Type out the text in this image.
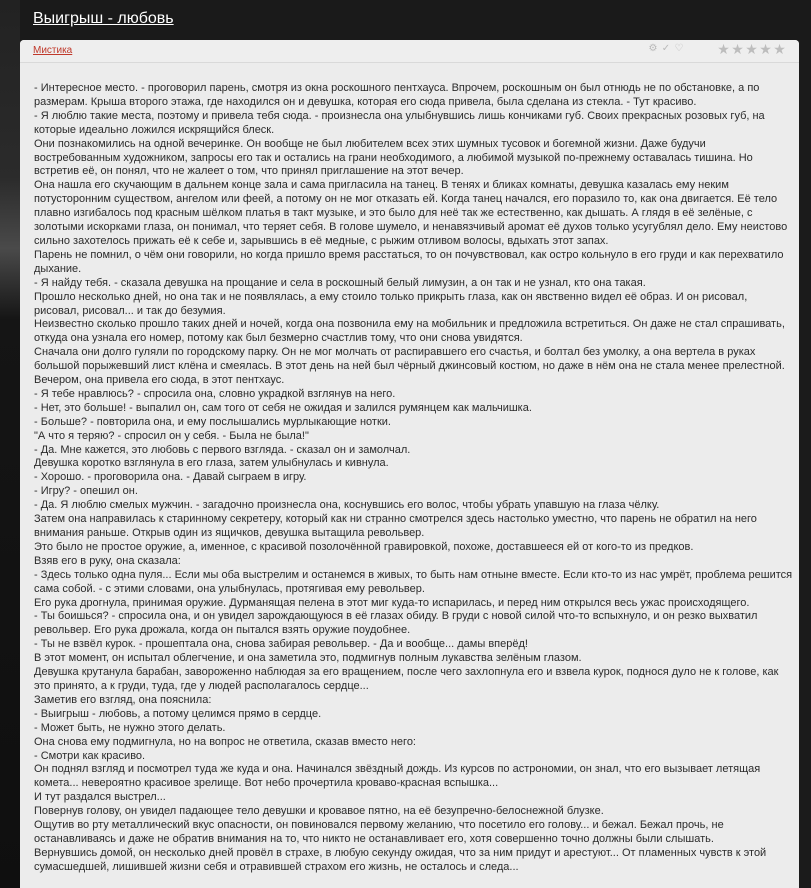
Выигрыш - любовь
Мистика	⚙ ✓ ♡ ★ ★ ★ ★ ★

- Интересное место. - проговорил парень, смотря из окна роскошного пентхауса. Впрочем, роскошным он был отнюдь не по обстановке, а по размерам. Крыша второго этажа, где находился он и девушка, которая его сюда привела, была сделана из стекла. - Тут красиво.

- Я люблю такие места, поэтому и привела тебя сюда. - произнесла она улыбнувшись лишь кончиками губ. Своих прекрасных розовых губ, на которые идеально ложился искрящийся блеск.

Они познакомились на одной вечеринке. Он вообще не был любителем всех этих шумных тусовок и богемной жизни. Даже будучи востребованным художником, запросы его так и остались на грани необходимого, а любимой музыкой по-прежнему оставалась тишина. Но встретив её, он понял, что не жалеет о том, что принял приглашение на этот вечер.

Она нашла его скучающим в дальнем конце зала и сама пригласила на танец. В тенях и бликах комнаты, девушка казалась ему неким потусторонним существом, ангелом или феей, а потому он не мог отказать ей. Когда танец начался, его поразило то, как она двигается. Её тело плавно изгибалось под красным шёлком платья в такт музыке, и это было для неё так же естественно, как дышать. А глядя в её зелёные, с золотыми искорками глаза, он понимал, что теряет себя. В голове шумело, и ненавязчивый аромат её духов только усугублял дело. Ему неистово сильно захотелось прижать её к себе и, зарывшись в её медные, с рыжим отливом волосы, вдыхать этот запах.

Парень не помнил, о чём они говорили, но когда пришло время расстаться, то он почувствовал, как остро кольнуло в его груди и как перехватило дыхание.

- Я найду тебя. - сказала девушка на прощание и села в роскошный белый лимузин, а он так и не узнал, кто она такая.

Прошло несколько дней, но она так и не появлялась, а ему стоило только прикрыть глаза, как он явственно видел её образ. И он рисовал, рисовал, рисовал... и так до безумия.

Неизвестно сколько прошло таких дней и ночей, когда она позвонила ему на мобильник и предложила встретиться. Он даже не стал спрашивать, откуда она узнала его номер, потому как был безмерно счастлив тому, что они снова увидятся.

Сначала они долго гуляли по городскому парку. Он не мог молчать от распиравшего его счастья, и болтал без умолку, а она вертела в руках большой порыжевший лист клёна и смеялась. В этот день на ней был чёрный джинсовый костюм, но даже в нём она не стала менее прелестной. Вечером, она привела его сюда, в этот пентхаус.

- Я тебе нравлюсь? - спросила она, словно украдкой взглянув на него.

- Нет, это больше! - выпалил он, сам того от себя не ожидая и залился румянцем как мальчишка.

- Больше? - повторила она, и ему послышались мурлыкающие нотки.

"А что я теряю? - спросил он у себя. - Была не была!"

- Да. Мне кажется, это любовь с первого взгляда. - сказал он и замолчал.

Девушка коротко взглянула в его глаза, затем улыбнулась и кивнула.

- Хорошо. - проговорила она. - Давай сыграем в игру.

- Игру? - опешил он.

- Да. Я люблю смелых мужчин. - загадочно произнесла она, коснувшись его волос, чтобы убрать упавшую на глаза чёлку.

Затем она направилась к старинному секретеру, который как ни странно смотрелся здесь настолько уместно, что парень не обратил на него внимания раньше. Открыв один из ящичков, девушка вытащила револьвер.

Это было не простое оружие, а, именное, с красивой позолочённой гравировкой, похоже, доставшееся ей от кого-то из предков.

Взяв его в руку, она сказала:

- Здесь только одна пуля... Если мы оба выстрелим и останемся в живых, то быть нам отныне вместе. Если кто-то из нас умрёт, проблема решится сама собой. - с этими словами, она улыбнулась, протягивая ему револьвер.

Его рука дрогнула, принимая оружие. Дурманящая пелена в этот миг куда-то испарилась, и перед ним открылся весь ужас происходящего.

- Ты боишься? - спросила она, и он увидел зарождающуюся в её глазах обиду. В груди с новой силой что-то вспыхнуло, и он резко выхватил револьвер. Его рука дрожала, когда он пытался взять оружие поудобнее.

- Ты не взвёл курок. - прошептала она, снова забирая револьвер. - Да и вообще... дамы вперёд!

В этот момент, он испытал облегчение, и она заметила это, подмигнув полным лукавства зелёным глазом.

Девушка крутанула барабан, завороженно наблюдая за его вращением, после чего захлопнула его и взвела курок, поднося дуло не к голове, как это принято, а к груди, туда, где у людей располагалось сердце...

Заметив его взгляд, она пояснила:

- Выигрыш - любовь, а потому целимся прямо в сердце.

- Может быть, не нужно этого делать.

Она снова ему подмигнула, но на вопрос не ответила, сказав вместо него:

- Смотри как красиво.

Он поднял взгляд и посмотрел туда же куда и она. Начинался звёздный дождь. Из курсов по астрономии, он знал, что его вызывает летящая комета... невероятно красивое зрелище. Вот небо прочертила кроваво-красная вспышка...

И тут раздался выстрел...

Повернув голову, он увидел падающее тело девушки и кровавое пятно, на её безупречно-белоснежной блузке.

Ощутив во рту металлический вкус опасности, он повиновался первому желанию, что посетило его голову... и бежал. Бежал прочь, не останавливаясь и даже не обратив внимания на то, что никто не останавливает его, хотя совершенно точно должны были слышать.

Вернувшись домой, он несколько дней провёл в страхе, в любую секунду ожидая, что за ним придут и арестуют... От пламенных чувств к этой сумасшедшей, лишившей жизни себя и отравившей страхом его жизнь, не осталось и следа...
